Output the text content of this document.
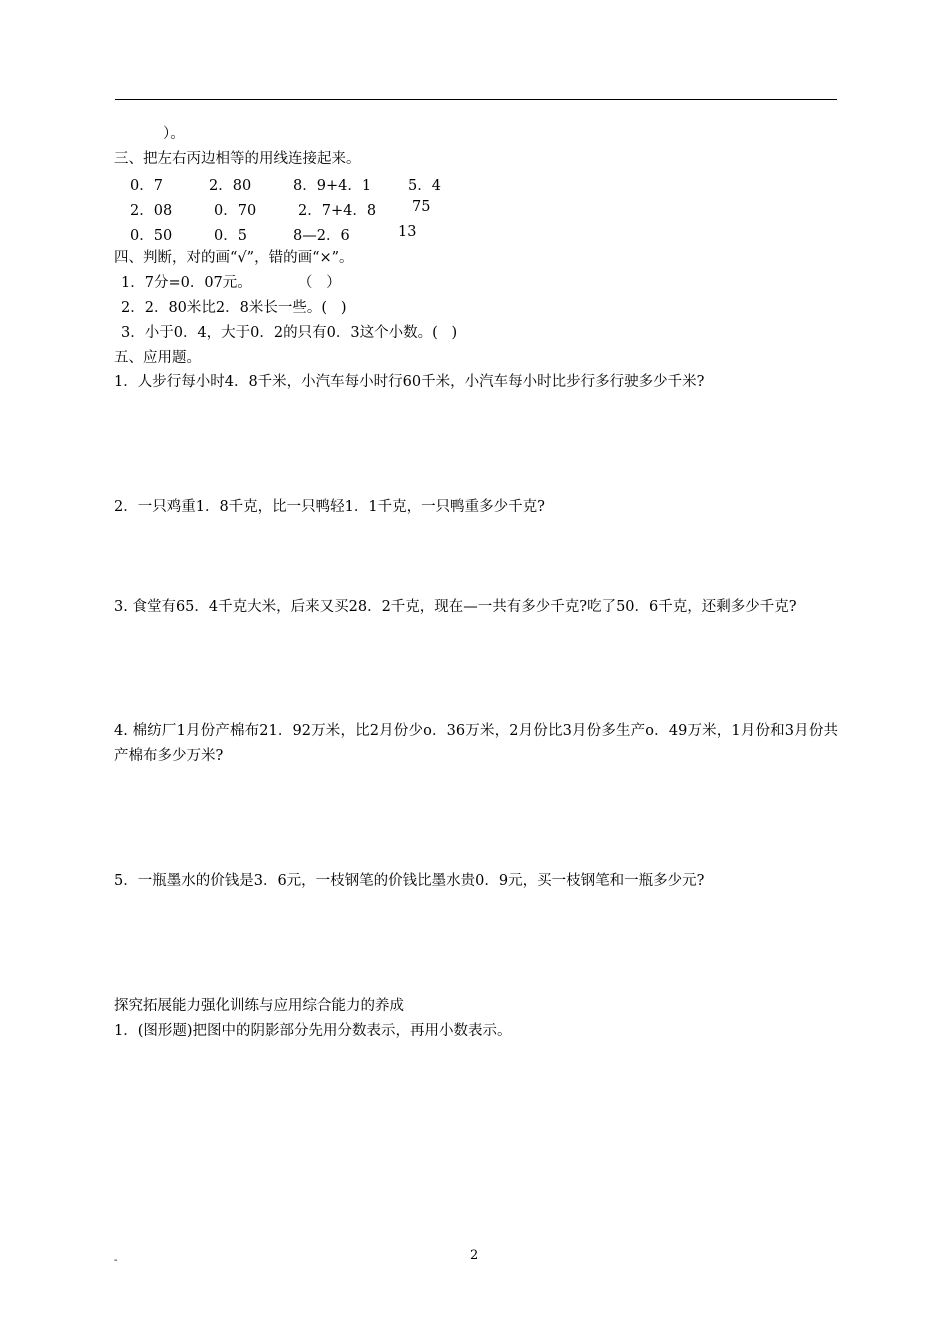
）。
三、把左右丙边相等的用线连接起来。
0．7	2．80	8．9+4．1	5．4
2．08	0．70	2．7+4．8 75
0．50	0．5	8—2．6	13
四、判断，对的画“√”，错的画“×”。
1．7分=0．07元。          （   ）
2．2．80米比2．8米长一些。(   )
3．小于0．4，大于0．2的只有0．3这个小数。(   )
五、应用题。
1．人步行每小时4．8千米，小汽车每小时行60千米，小汽车每小时比步行多行驶多少千米?
2．一只鸡重1．8千克，比一只鸭轻1．1千克，一只鸭重多少千克?
3. 食堂有65．4千克大米，后来又买28．2千克，现在—一共有多少千克?吃了50．6千克，还剩多少千克?
4. 棉纺厂1月份产棉布21．92万米，比2月份少o．36万米，2月份比3月份多生产o．49万米，1月份和3月份共产棉布多少万米?
5．一瓶墨水的价钱是3．6元，一枝钢笔的价钱比墨水贵0．9元，买一枝钢笔和一瓶多少元?
探究拓展能力强化训练与应用综合能力的养成
1．(图形题)把图中的阴影部分先用分数表示，再用小数表示。
-	2
